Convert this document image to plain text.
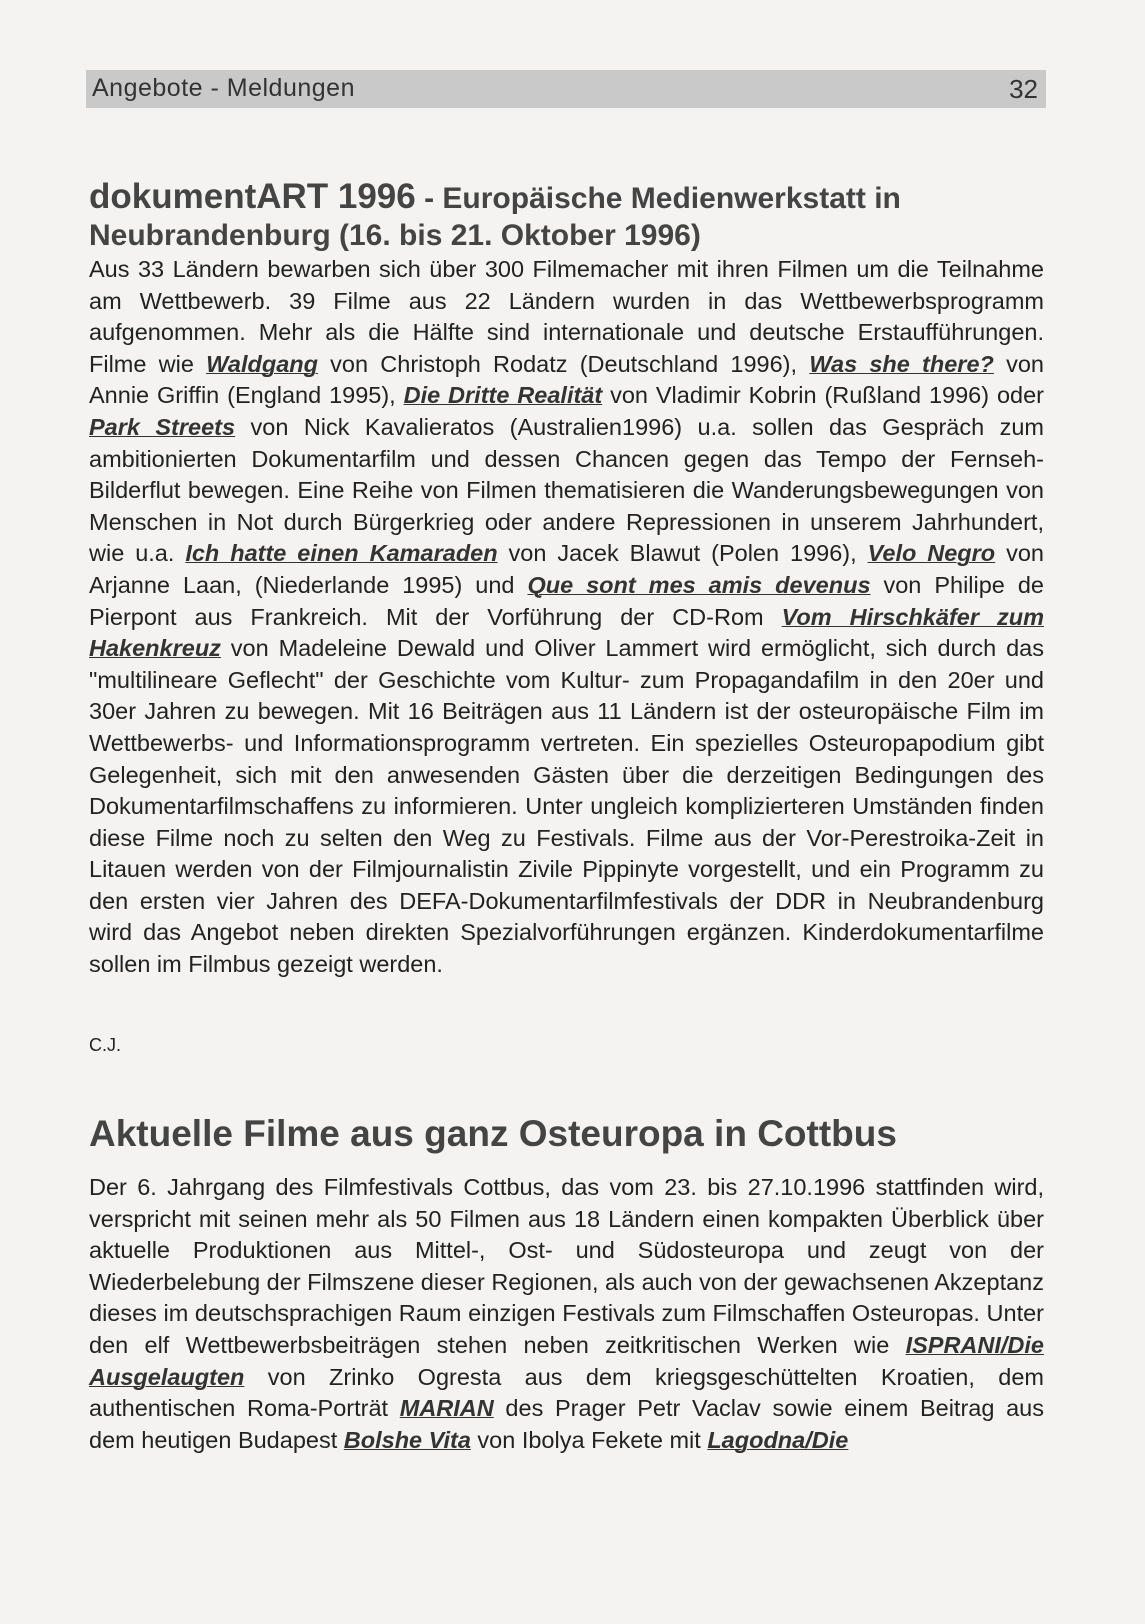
Angebote - Meldungen	32
dokumentART 1996 - Europäische Medienwerkstatt in
Neubrandenburg (16. bis 21. Oktober 1996)

Aus 33 Ländern bewarben sich über 300 Filmemacher mit ihren Filmen um die Teilnahme am Wettbewerb. 39 Filme aus 22 Ländern wurden in das Wettbewerbsprogramm aufgenommen. Mehr als die Hälfte sind internationale und deutsche Erstaufführungen. Filme wie Waldgang von Christoph Rodatz (Deutschland 1996), Was she there? von Annie Griffin (England 1995), Die Dritte Realität von Vladimir Kobrin (Rußland 1996) oder Park Streets von Nick Kavalieratos (Australien1996) u.a. sollen das Gespräch zum ambitionierten Dokumentarfilm und dessen Chancen gegen das Tempo der Fernseh-Bilderflut bewegen. Eine Reihe von Filmen thematisieren die Wanderungsbewegungen von Menschen in Not durch Bürgerkrieg oder andere Repressionen in unserem Jahrhundert, wie u.a. Ich hatte einen Kamaraden von Jacek Blawut (Polen 1996), Velo Negro von Arjanne Laan, (Niederlande 1995) und Que sont mes amis devenus von Philipe de Pierpont aus Frankreich. Mit der Vorführung der CD-Rom Vom Hirschkäfer zum Hakenkreuz von Madeleine Dewald und Oliver Lammert wird ermöglicht, sich durch das "multilineare Geflecht" der Geschichte vom Kultur- zum Propagandafilm in den 20er und 30er Jahren zu bewegen. Mit 16 Beiträgen aus 11 Ländern ist der osteuropäische Film im Wettbewerbs- und Informationsprogramm vertreten. Ein spezielles Osteuropapodium gibt Gelegenheit, sich mit den anwesenden Gästen über die derzeitigen Bedingungen des Dokumentarfilmschaffens zu informieren. Unter ungleich komplizierteren Umständen finden diese Filme noch zu selten den Weg zu Festivals. Filme aus der Vor-Perestroika-Zeit in Litauen werden von der Filmjournalistin Zivile Pippinyte vorgestellt, und ein Programm zu den ersten vier Jahren des DEFA-Dokumentarfilmfestivals der DDR in Neubrandenburg wird das Angebot neben direkten Spezialvorführungen ergänzen. Kinderdokumentarfilme sollen im Filmbus gezeigt werden.

C.J.
Aktuelle Filme aus ganz Osteuropa in Cottbus

Der 6. Jahrgang des Filmfestivals Cottbus, das vom 23. bis 27.10.1996 stattfinden wird, verspricht mit seinen mehr als 50 Filmen aus 18 Ländern einen kompakten Überblick über aktuelle Produktionen aus Mittel-, Ost- und Südosteuropa und zeugt von der Wiederbelebung der Filmszene dieser Regionen, als auch von der gewachsenen Akzeptanz dieses im deutschsprachigen Raum einzigen Festivals zum Filmschaffen Osteuropas. Unter den elf Wettbewerbsbeiträgen stehen neben zeitkritischen Werken wie ISPRANI/Die Ausgelaugten von Zrinko Ogresta aus dem kriegsgeschüttelten Kroatien, dem authentischen Roma-Porträt MARIAN des Prager Petr Vaclav sowie einem Beitrag aus dem heutigen Budapest Bolshe Vita von Ibolya Fekete mit Lagodna/Die
